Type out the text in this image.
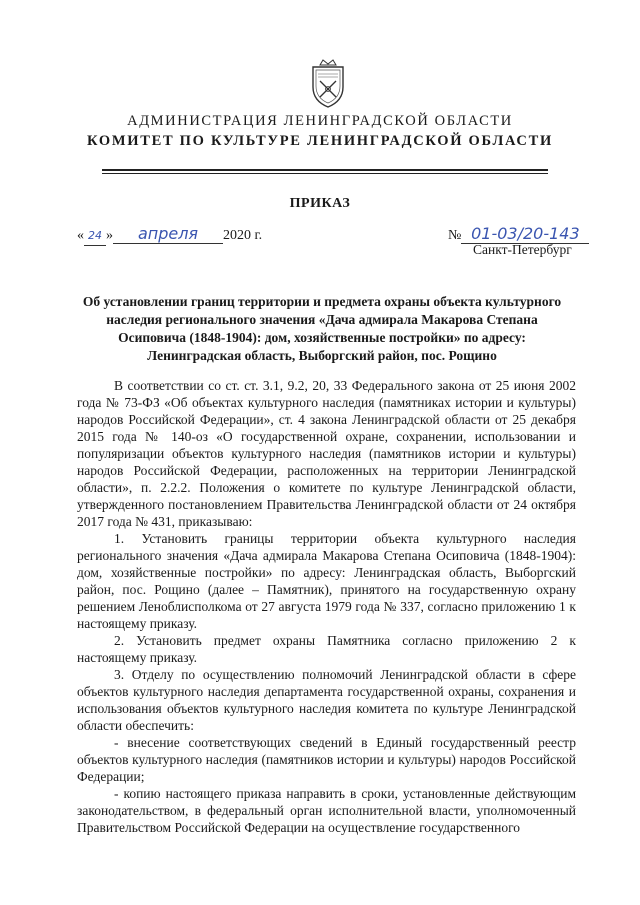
АДМИНИСТРАЦИЯ ЛЕНИНГРАДСКОЙ ОБЛАСТИ
КОМИТЕТ ПО КУЛЬТУРЕ ЛЕНИНГРАДСКОЙ ОБЛАСТИ
ПРИКАЗ
« 24 » апреля 2020 г.	№ 01-03/20-143
Санкт-Петербург
Об установлении границ территории и предмета охраны объекта культурного наследия регионального значения «Дача адмирала Макарова Степана Осиповича (1848-1904): дом, хозяйственные постройки» по адресу: Ленинградская область, Выборгский район, пос. Рощино

В соответствии со ст. ст. 3.1, 9.2, 20, 33 Федерального закона от 25 июня 2002 года № 73-ФЗ «Об объектах культурного наследия (памятниках истории и культуры) народов Российской Федерации», ст. 4 закона Ленинградской области от 25 декабря 2015 года № 140-оз «О государственной охране, сохранении, использовании и популяризации объектов культурного наследия (памятников истории и культуры) народов Российской Федерации, расположенных на территории Ленинградской области», п. 2.2.2. Положения о комитете по культуре Ленинградской области, утвержденного постановлением Правительства Ленинградской области от 24 октября 2017 года № 431, приказываю:

1. Установить границы территории объекта культурного наследия регионального значения «Дача адмирала Макарова Степана Осиповича (1848-1904): дом, хозяйственные постройки» по адресу: Ленинградская область, Выборгский район, пос. Рощино (далее – Памятник), принятого на государственную охрану решением Леноблисполкома от 27 августа 1979 года № 337, согласно приложению 1 к настоящему приказу.

2. Установить предмет охраны Памятника согласно приложению 2 к настоящему приказу.

3. Отделу по осуществлению полномочий Ленинградской области в сфере объектов культурного наследия департамента государственной охраны, сохранения и использования объектов культурного наследия комитета по культуре Ленинградской области обеспечить:

- внесение соответствующих сведений в Единый государственный реестр объектов культурного наследия (памятников истории и культуры) народов Российской Федерации;

- копию настоящего приказа направить в сроки, установленные действующим законодательством, в федеральный орган исполнительной власти, уполномоченный Правительством Российской Федерации на осуществление государственного
